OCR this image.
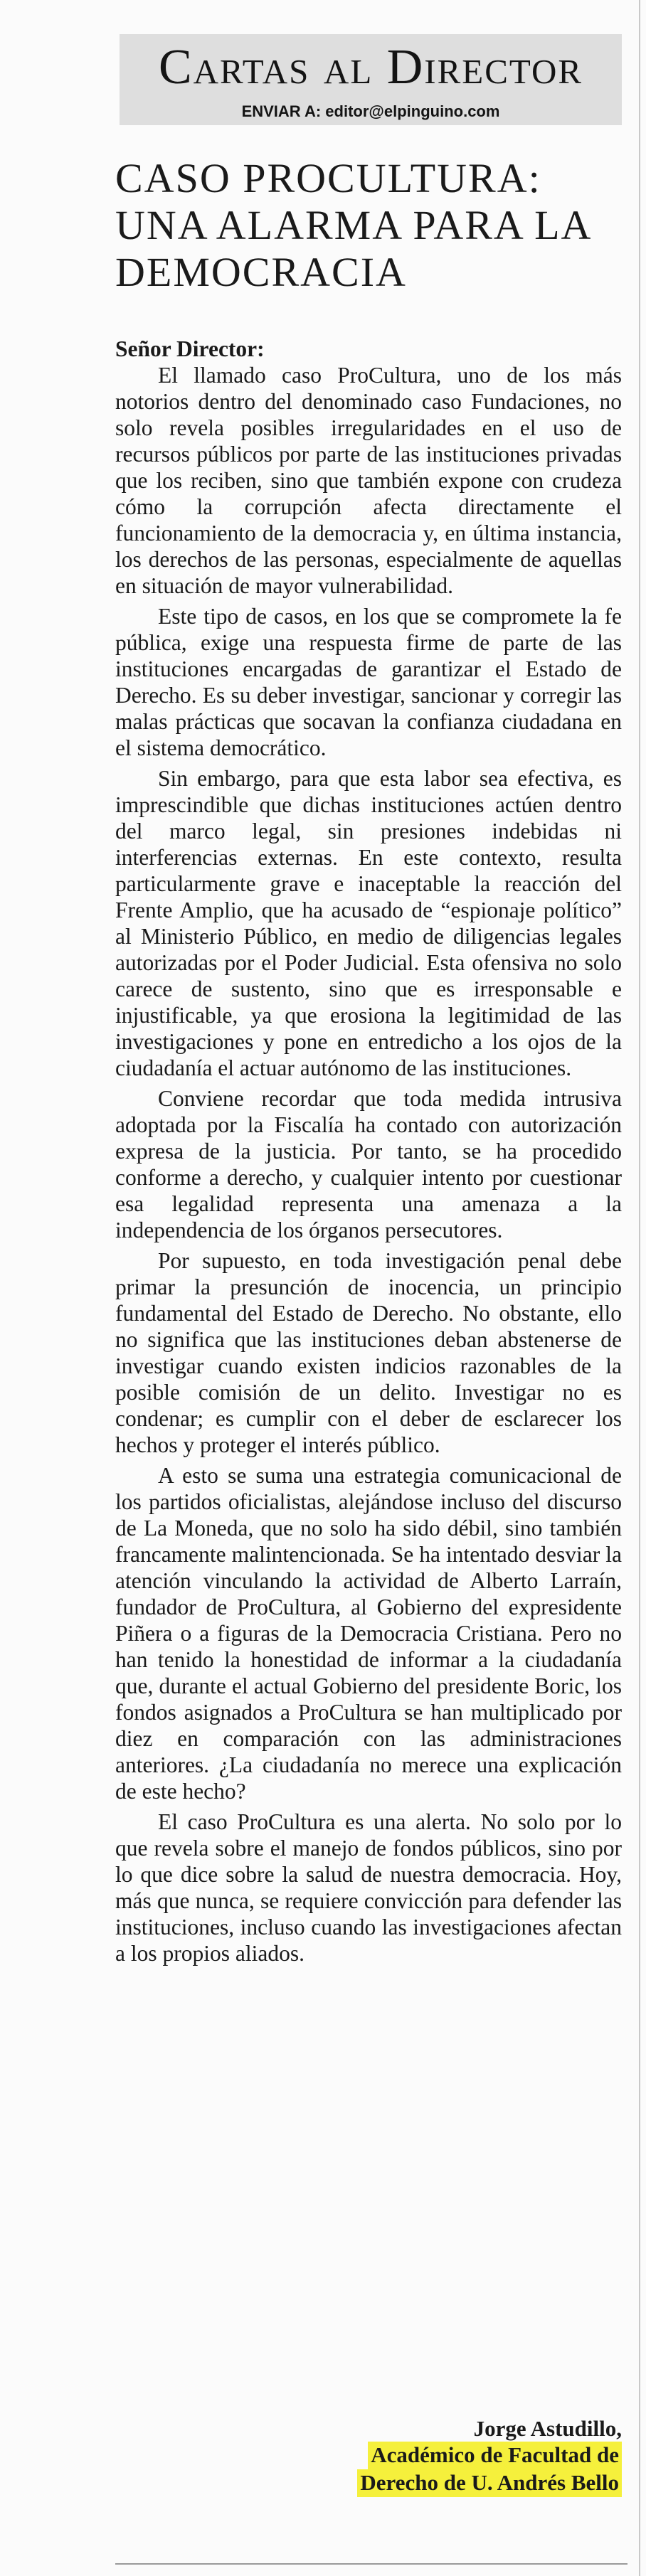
Cartas al Director
ENVIAR A: editor@elpinguino.com
CASO PROCULTURA: UNA ALARMA PARA LA DEMOCRACIA

Señor Director:

El llamado caso ProCultura, uno de los más notorios dentro del denominado caso Fundaciones, no solo revela posibles irregularidades en el uso de recursos públicos por parte de las instituciones privadas que los reciben, sino que también expone con crudeza cómo la corrupción afecta directamente el funcionamiento de la democracia y, en última instancia, los derechos de las personas, especialmente de aquellas en situación de mayor vulnerabilidad.

Este tipo de casos, en los que se compromete la fe pública, exige una respuesta firme de parte de las instituciones encargadas de garantizar el Estado de Derecho. Es su deber investigar, sancionar y corregir las malas prácticas que socavan la confianza ciudadana en el sistema democrático.

Sin embargo, para que esta labor sea efectiva, es imprescindible que dichas instituciones actúen dentro del marco legal, sin presiones indebidas ni interferencias externas. En este contexto, resulta particularmente grave e inaceptable la reacción del Frente Amplio, que ha acusado de “espionaje político” al Ministerio Público, en medio de diligencias legales autorizadas por el Poder Judicial. Esta ofensiva no solo carece de sustento, sino que es irresponsable e injustificable, ya que erosiona la legitimidad de las investigaciones y pone en entredicho a los ojos de la ciudadanía el actuar autónomo de las instituciones.

Conviene recordar que toda medida intrusiva adoptada por la Fiscalía ha contado con autorización expresa de la justicia. Por tanto, se ha procedido conforme a derecho, y cualquier intento por cuestionar esa legalidad representa una amenaza a la independencia de los órganos persecutores.

Por supuesto, en toda investigación penal debe primar la presunción de inocencia, un principio fundamental del Estado de Derecho. No obstante, ello no significa que las instituciones deban abstenerse de investigar cuando existen indicios razonables de la posible comisión de un delito. Investigar no es condenar; es cumplir con el deber de esclarecer los hechos y proteger el interés público.

A esto se suma una estrategia comunicacional de los partidos oficialistas, alejándose incluso del discurso de La Moneda, que no solo ha sido débil, sino también francamente malintencionada. Se ha intentado desviar la atención vinculando la actividad de Alberto Larraín, fundador de ProCultura, al Gobierno del expresidente Piñera o a figuras de la Democracia Cristiana. Pero no han tenido la honestidad de informar a la ciudadanía que, durante el actual Gobierno del presidente Boric, los fondos asignados a ProCultura se han multiplicado por diez en comparación con las administraciones anteriores. ¿La ciudadanía no merece una explicación de este hecho?

El caso ProCultura es una alerta. No solo por lo que revela sobre el manejo de fondos públicos, sino por lo que dice sobre la salud de nuestra democracia. Hoy, más que nunca, se requiere convicción para defender las instituciones, incluso cuando las investigaciones afectan a los propios aliados.

Jorge Astudillo,
Académico de Facultad de
Derecho de U. Andrés Bello
